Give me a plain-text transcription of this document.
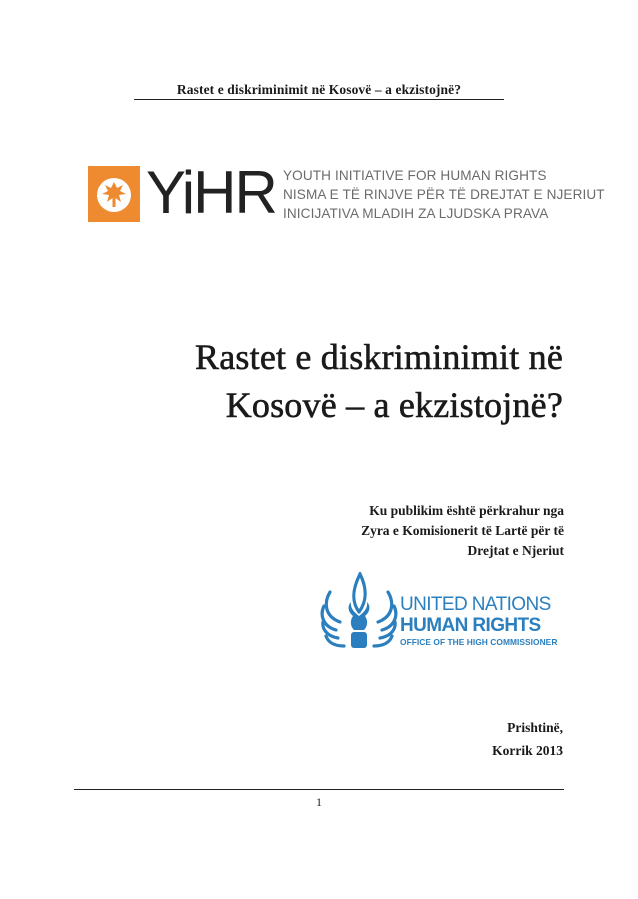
Rastet e diskriminimit në Kosovë – a ekzistojnë?
YiHR YOUTH INITIATIVE FOR HUMAN RIGHTS
NISMA E TË RINJVE PËR TË DREJTAT E NJERIUT
INICIJATIVA MLADIH ZA LJUDSKA PRAVA
Rastet e diskriminimit në
Kosovë – a ekzistojnë?
Ku publikim është përkrahur nga
Zyra e Komisionerit të Lartë për të
Drejtat e Njeriut
UNITED NATIONS
HUMAN RIGHTS
OFFICE OF THE HIGH COMMISSIONER
Prishtinë,
Korrik 2013
1
